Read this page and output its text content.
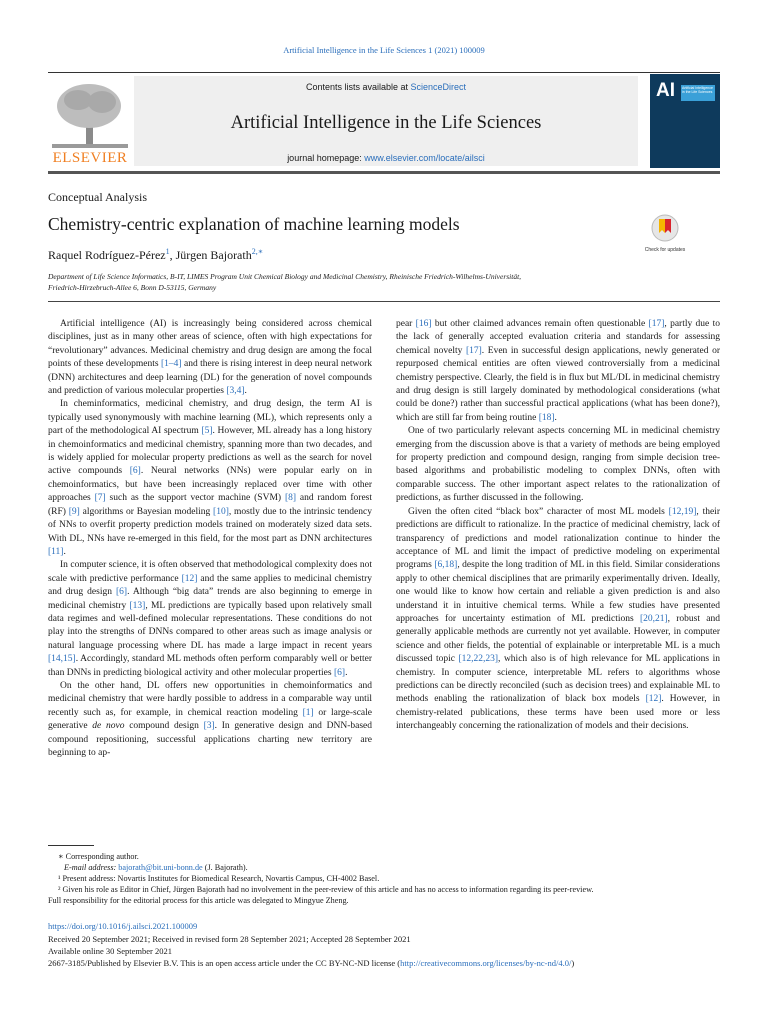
Artificial Intelligence in the Life Sciences 1 (2021) 100009
ELSEVIER
Contents lists available at ScienceDirect
Artificial Intelligence in the Life Sciences
journal homepage: www.elsevier.com/locate/ailsci
AI Artificial Intelligence in the Life Sciences
Conceptual Analysis
Chemistry-centric explanation of machine learning models
Check for updates
Raquel Rodríguez-Pérez$^1$, Jürgen Bajorath$^{2,∗}$
Department of Life Science Informatics, B-IT, LIMES Program Unit Chemical Biology and Medicinal Chemistry, Rheinische Friedrich-Wilhelms-Universität,
Friedrich-Hirzebruch-Allee 6, Bonn D-53115, Germany

Artificial intelligence (AI) is increasingly being considered across chemical disciplines, just as in many other areas of science, often with high expectations for “revolutionary” advances. Medicinal chemistry and drug design are among the focal points of these developments [1–4] and there is rising interest in deep neural network (DNN) architectures and deep learning (DL) for the generation of novel compounds and prediction of various molecular properties [3,4].

In cheminformatics, medicinal chemistry, and drug design, the term AI is typically used synonymously with machine learning (ML), which represents only a part of the methodological AI spectrum [5]. However, ML already has a long history in chemoinformatics and medicinal chemistry, spanning more than two decades, and is widely applied for molecular property predictions as well as the search for novel active compounds [6]. Neural networks (NNs) were popular early on in chemoinformatics, but have been increasingly replaced over time with other approaches [7] such as the support vector machine (SVM) [8] and random forest (RF) [9] algorithms or Bayesian modeling [10], mostly due to the intrinsic tendency of NNs to overfit property prediction models trained on moderately sized data sets. With DL, NNs have re-emerged in this field, for the most part as DNN architectures [11].

In computer science, it is often observed that methodological complexity does not scale with predictive performance [12] and the same applies to medicinal chemistry and drug design [6]. Although “big data” trends are also beginning to emerge in medicinal chemistry [13], ML predictions are typically based upon relatively small data regimes and well-defined molecular representations. These conditions do not play into the strengths of DNNs compared to other areas such as image analysis or natural language processing where DL has made a large impact in recent years [14,15]. Accordingly, standard ML methods often perform comparably well or better than DNNs in predicting biological activity and other molecular properties [6].

On the other hand, DL offers new opportunities in chemoinformatics and medicinal chemistry that were hardly possible to address in a comparable way until recently such as, for example, in chemical reaction modeling [1] or large-scale generative de novo compound design [3]. In generative design and DNN-based compound repositioning, successful applications charting new territory are beginning to ap-

pear [16] but other claimed advances remain often questionable [17], partly due to the lack of generally accepted evaluation criteria and standards for assessing chemical novelty [17]. Even in successful design applications, newly generated or repurposed chemical entities are often viewed controversially from a medicinal chemistry perspective. Clearly, the field is in flux but ML/DL in medicinal chemistry and drug design is still largely dominated by methodological considerations (what could be done?) rather than successful practical applications (what has been done?), which are still far from being routine [18].

One of two particularly relevant aspects concerning ML in medicinal chemistry emerging from the discussion above is that a variety of methods are being employed for property prediction and compound design, ranging from simple decision tree-based algorithms and probabilistic modeling to complex DNNs, often with comparable success. The other important aspect relates to the rationalization of predictions, as further discussed in the following.

Given the often cited “black box” character of most ML models [12,19], their predictions are difficult to rationalize. In the practice of medicinal chemistry, lack of transparency of predictions and model rationalization continue to hinder the acceptance of ML and limit the impact of predictive modeling on experimental programs [6,18], despite the long tradition of ML in this field. Similar considerations apply to other chemical disciplines that are primarily experimentally driven. Ideally, one would like to know how certain and reliable a given prediction is and also understand it in intuitive chemical terms. While a few studies have presented approaches for uncertainty estimation of ML predictions [20,21], robust and generally applicable methods are currently not yet available. However, in computer science and other fields, the potential of explainable or interpretable ML is a much discussed topic [12,22,23], which also is of high relevance for ML applications in chemistry. In computer science, interpretable ML refers to algorithms whose predictions can be directly reconciled (such as decision trees) and explainable ML to methods enabling the rationalization of black box models [12]. However, in chemistry-related publications, these terms have been used more or less interchangeably concerning the rationalization of models and their decisions.

∗ Corresponding author.
E-mail address: bajorath@bit.uni-bonn.de (J. Bajorath).
¹ Present address: Novartis Institutes for Biomedical Research, Novartis Campus, CH-4002 Basel.
² Given his role as Editor in Chief, Jürgen Bajorath had no involvement in the peer-review of this article and has no access to information regarding its peer-review.
Full responsibility for the editorial process for this article was delegated to Mingyue Zheng.
https://doi.org/10.1016/j.ailsci.2021.100009
Received 20 September 2021; Received in revised form 28 September 2021; Accepted 28 September 2021
Available online 30 September 2021
2667-3185/Published by Elsevier B.V. This is an open access article under the CC BY-NC-ND license (http://creativecommons.org/licenses/by-nc-nd/4.0/)
